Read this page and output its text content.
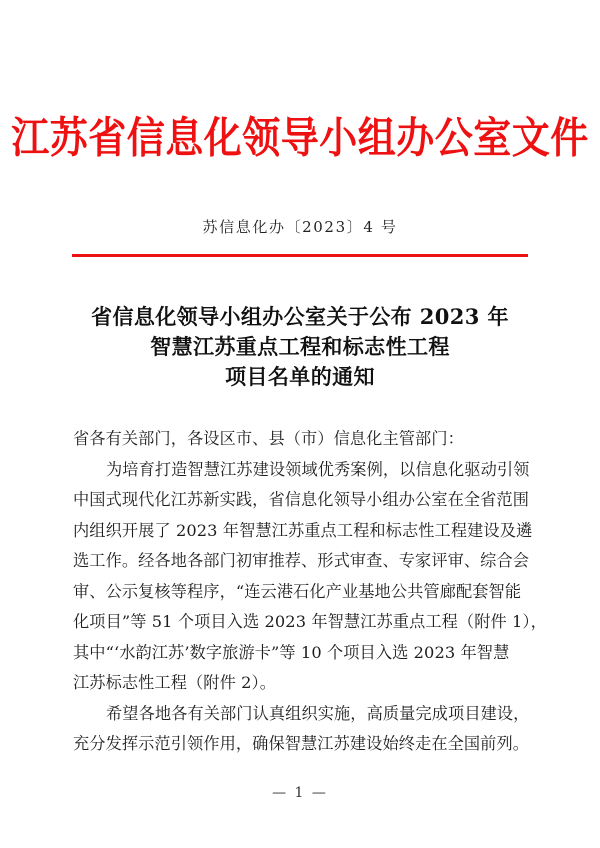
江苏省信息化领导小组办公室文件
苏信息化办〔2023〕4 号
省信息化领导小组办公室关于公布 2023 年
智慧江苏重点工程和标志性工程
项目名单的通知
省各有关部门，各设区市、县（市）信息化主管部门：
为培育打造智慧江苏建设领域优秀案例，以信息化驱动引领
中国式现代化江苏新实践，省信息化领导小组办公室在全省范围
内组织开展了 2023 年智慧江苏重点工程和标志性工程建设及遴
选工作。经各地各部门初审推荐、形式审查、专家评审、综合会
审、公示复核等程序，“连云港石化产业基地公共管廊配套智能
化项目”等 51 个项目入选 2023 年智慧江苏重点工程（附件 1），
其中“‘水韵江苏’数字旅游卡”等 10 个项目入选 2023 年智慧
江苏标志性工程（附件 2）。
希望各地各有关部门认真组织实施，高质量完成项目建设，
充分发挥示范引领作用，确保智慧江苏建设始终走在全国前列。
— 1 —
